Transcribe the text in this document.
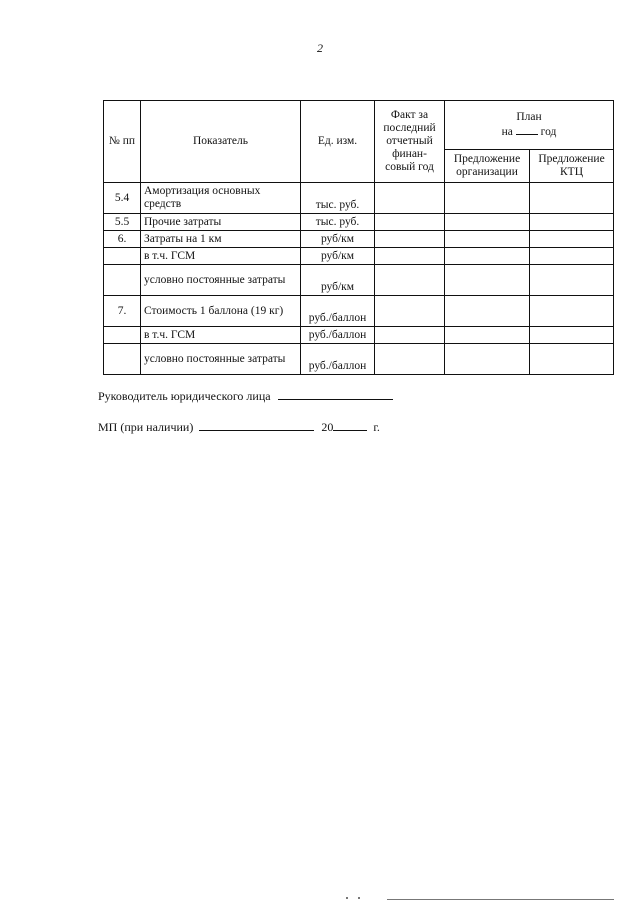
2
№ пп	Показатель	Ед. изм.	Факт за последний отчетный финан-совый год	План
на год	

				Предложение организации	Предложение КТЦ
5.4	Амортизация основных средств	тыс. руб.			
5.5	Прочие затраты	тыс. руб.			
6.	Затраты на 1 км	руб/км			
	в т.ч. ГСМ	руб/км			
	условно постоянные затраты	руб/км			
7.	Стоимость 1 баллона (19 кг)	руб./баллон			
	в т.ч. ГСМ	руб./баллон			
	условно постоянные затраты	руб./баллон			
Руководитель юридического лица
МП (при наличии)	20	г.
